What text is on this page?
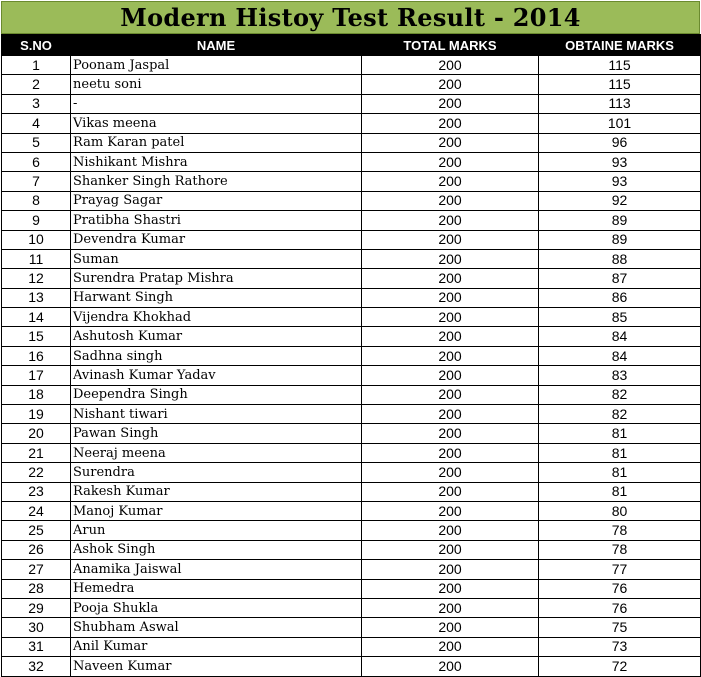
Modern Histoy Test Result - 2014
S.NO	NAME	TOTAL MARKS	OBTAINE MARKS
1	Poonam Jaspal	200	115
2	neetu soni	200	115
3	-	200	113
4	Vikas meena	200	101
5	Ram Karan patel	200	96
6	Nishikant Mishra	200	93
7	Shanker Singh Rathore	200	93
8	Prayag Sagar	200	92
9	Pratibha Shastri	200	89
10	Devendra Kumar	200	89
11	Suman	200	88
12	Surendra Pratap Mishra	200	87
13	Harwant Singh	200	86
14	Vijendra Khokhad	200	85
15	Ashutosh Kumar	200	84
16	Sadhna singh	200	84
17	Avinash Kumar Yadav	200	83
18	Deependra Singh	200	82
19	Nishant tiwari	200	82
20	Pawan Singh	200	81
21	Neeraj meena	200	81
22	Surendra	200	81
23	Rakesh Kumar	200	81
24	Manoj Kumar	200	80
25	Arun	200	78
26	Ashok Singh	200	78
27	Anamika Jaiswal	200	77
28	Hemedra	200	76
29	Pooja Shukla	200	76
30	Shubham Aswal	200	75
31	Anil Kumar	200	73
32	Naveen Kumar	200	72
